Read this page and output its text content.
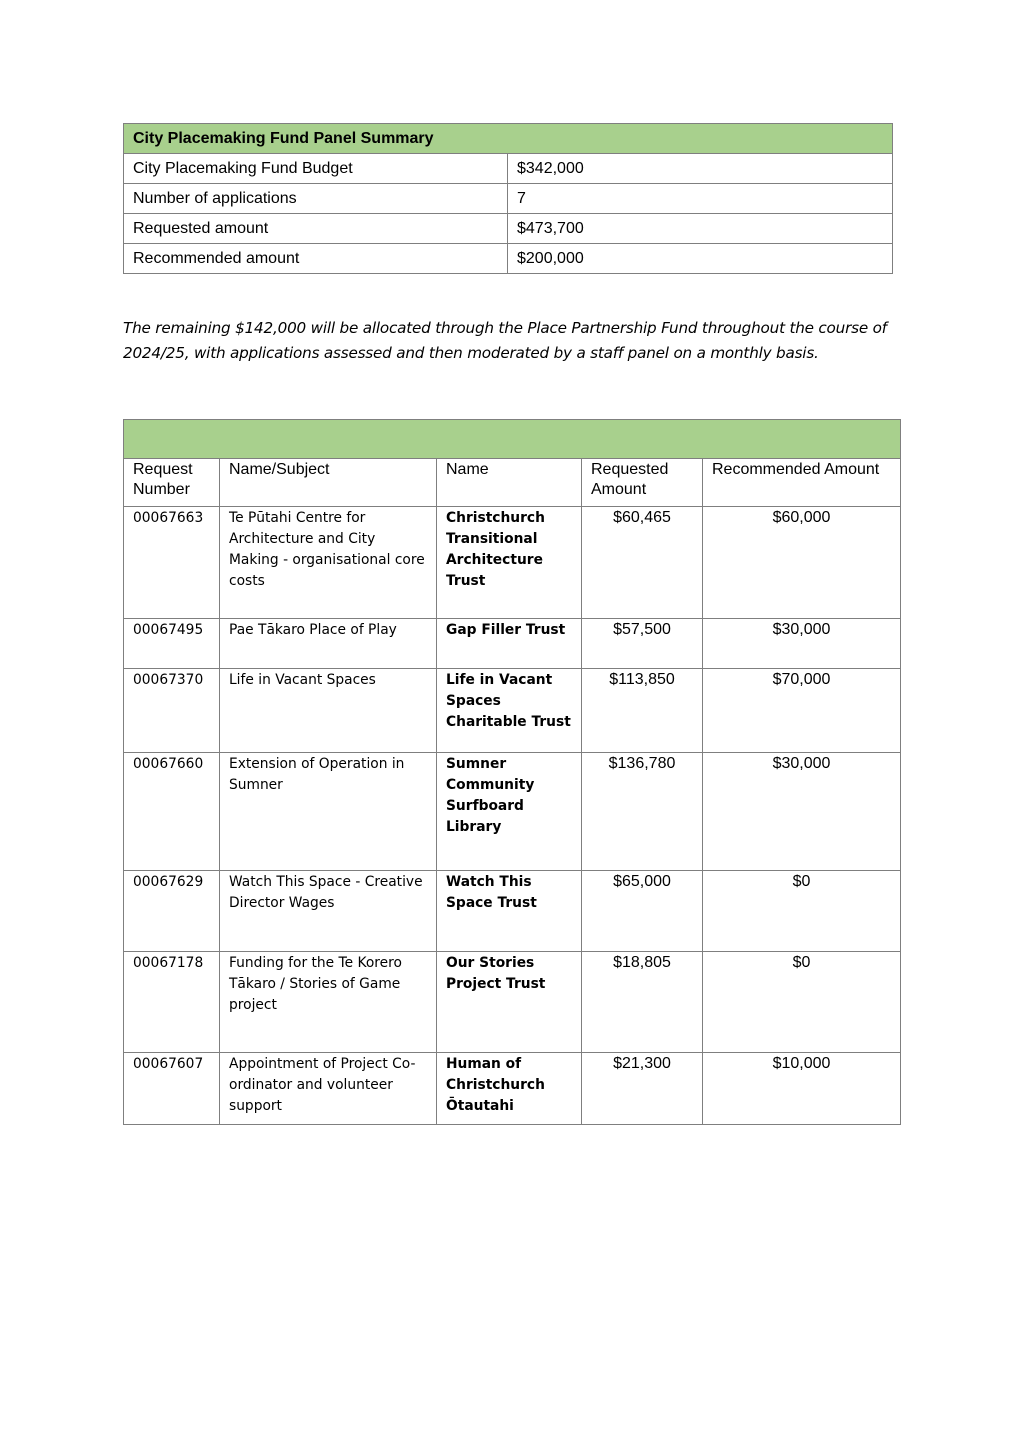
City Placemaking Fund Panel Summary	
City Placemaking Fund Budget	$342,000
Number of applications	7
Requested amount	$473,700
Recommended amount	$200,000

The remaining $142,000 will be allocated through the Place Partnership Fund throughout the course of 2024/25, with applications assessed and then moderated by a staff panel on a monthly basis.

Request Number	Name/Subject	Name	Requested Amount	Recommended Amount
00067663	Te Pūtahi Centre for Architecture and City Making - organisational core costs	Christchurch Transitional Architecture Trust	$60,465	$60,000
00067495	Pae Tākaro Place of Play	Gap Filler Trust	$57,500	$30,000
00067370	Life in Vacant Spaces	Life in Vacant Spaces Charitable Trust	$113,850	$70,000
00067660	Extension of Operation in Sumner	Sumner Community Surfboard Library	$136,780	$30,000
00067629	Watch This Space - Creative Director Wages	Watch This Space Trust	$65,000	$0
00067178	Funding for the Te Korero Tākaro / Stories of Game project	Our Stories Project Trust	$18,805	$0
00067607	Appointment of Project Co-ordinator and volunteer support	Human of Christchurch Ōtautahi	$21,300	$10,000
